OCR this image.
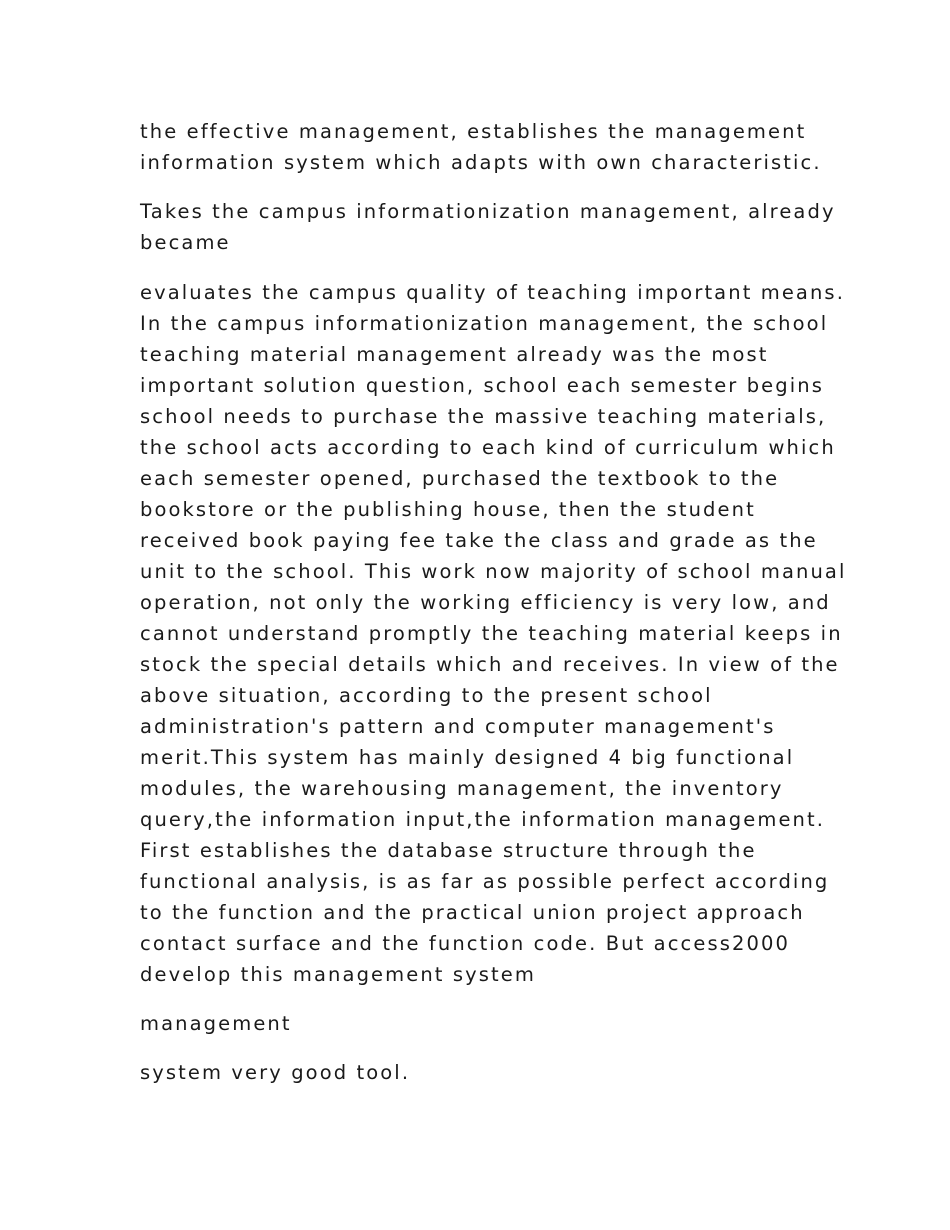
the effective management, establishes the management
information system which adapts with own characteristic.
Takes the campus informationization management, already
became
evaluates the campus quality of teaching important means.
In the campus informationization management, the school
teaching material management already was the most
important solution question, school each semester begins
school needs to purchase the massive teaching materials,
the school acts according to each kind of curriculum which
each semester opened, purchased the textbook to the
bookstore or the publishing house, then the student
received book paying fee take the class and grade as the
unit to the school. This work now majority of school manual
operation, not only the working efficiency is very low, and
cannot understand promptly the teaching material keeps in
stock the special details which and receives. In view of the
above situation, according to the present school
administration's pattern and computer management's
merit.This system has mainly designed 4 big functional
modules, the warehousing management, the inventory
query,the information input,the information management.
First establishes the database structure through the
functional analysis, is as far as possible perfect according
to the function and the practical union project approach
contact surface and the function code. But access2000
develop this management system
management
system very good tool.
